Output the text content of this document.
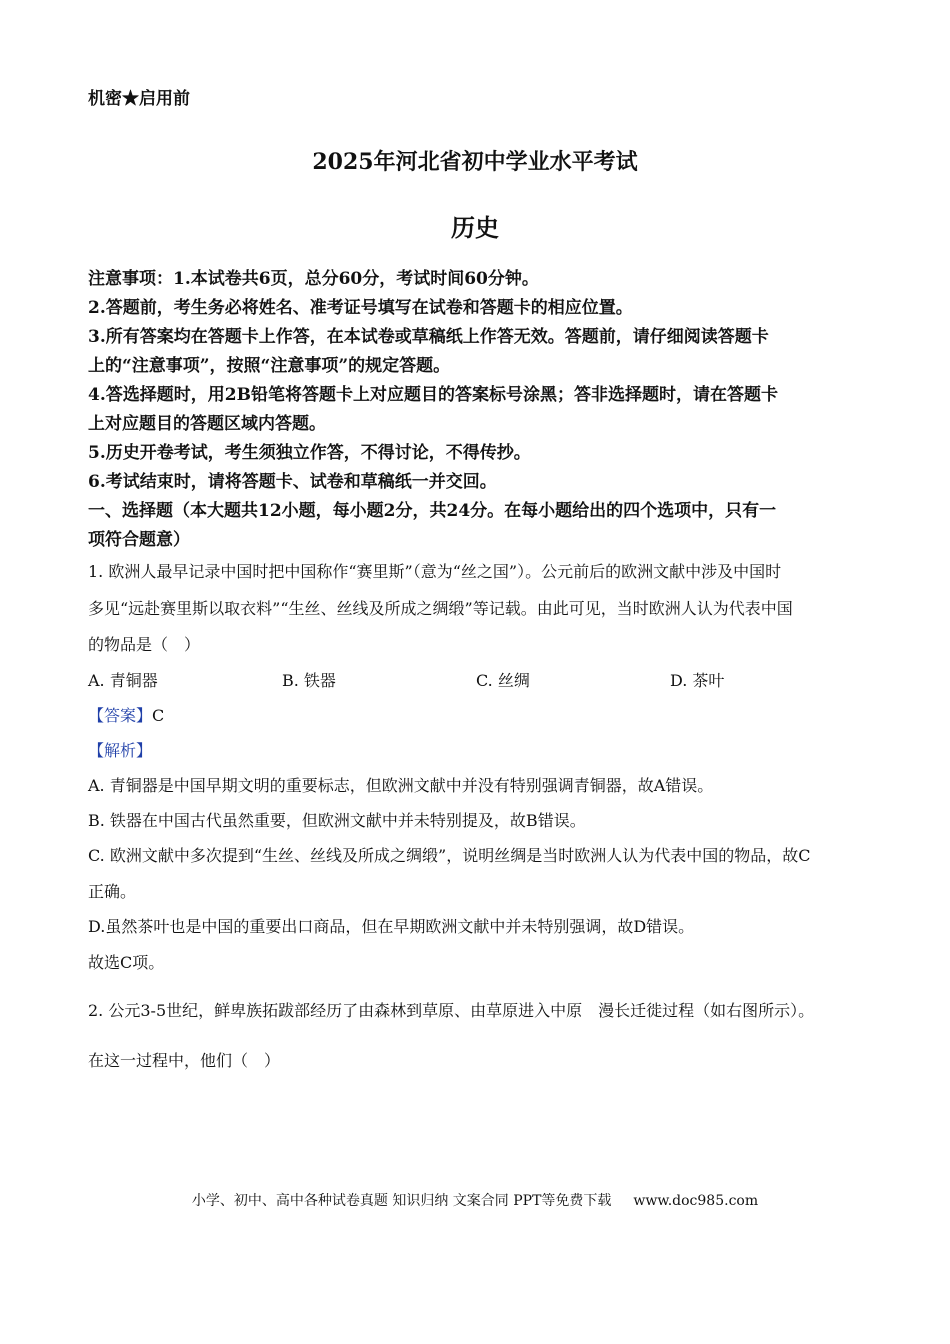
机密★启用前
2025年河北省初中学业水平考试
历史
注意事项：1.本试卷共6页，总分60分，考试时间60分钟。
2.答题前，考生务必将姓名、准考证号填写在试卷和答题卡的相应位置。
3.所有答案均在答题卡上作答，在本试卷或草稿纸上作答无效。答题前，请仔细阅读答题卡
上的“注意事项”，按照“注意事项”的规定答题。
4.答选择题时，用2B铅笔将答题卡上对应题目的答案标号涂黑；答非选择题时，请在答题卡
上对应题目的答题区域内答题。
5.历史开卷考试，考生须独立作答，不得讨论，不得传抄。
6.考试结束时，请将答题卡、试卷和草稿纸一并交回。
一、选择题（本大题共12小题，每小题2分，共24分。在每小题给出的四个选项中，只有一
项符合题意）
1. 欧洲人最早记录中国时把中国称作“赛里斯”（意为“丝之国”）。公元前后的欧洲文献中涉及中国时
多见“远赴赛里斯以取衣料”“生丝、丝线及所成之绸缎”等记载。由此可见，当时欧洲人认为代表中国
的物品是（　）
A. 青铜器	B. 铁器	C. 丝绸	D. 茶叶
【答案】C
【解析】
A. 青铜器是中国早期文明的重要标志，但欧洲文献中并没有特别强调青铜器，故A错误。
B. 铁器在中国古代虽然重要，但欧洲文献中并未特别提及，故B错误。
C. 欧洲文献中多次提到“生丝、丝线及所成之绸缎”，说明丝绸是当时欧洲人认为代表中国的物品，故C
正确。
D.虽然茶叶也是中国的重要出口商品，但在早期欧洲文献中并未特别强调，故D错误。
故选C项。
2. 公元3-5世纪，鲜卑族拓跋部经历了由森林到草原、由草原进入中原　漫长迁徙过程（如右图所示）。
在这一过程中，他们（　）
小学、初中、高中各种试卷真题 知识归纳 文案合同 PPT等免费下载 www.doc985.com
